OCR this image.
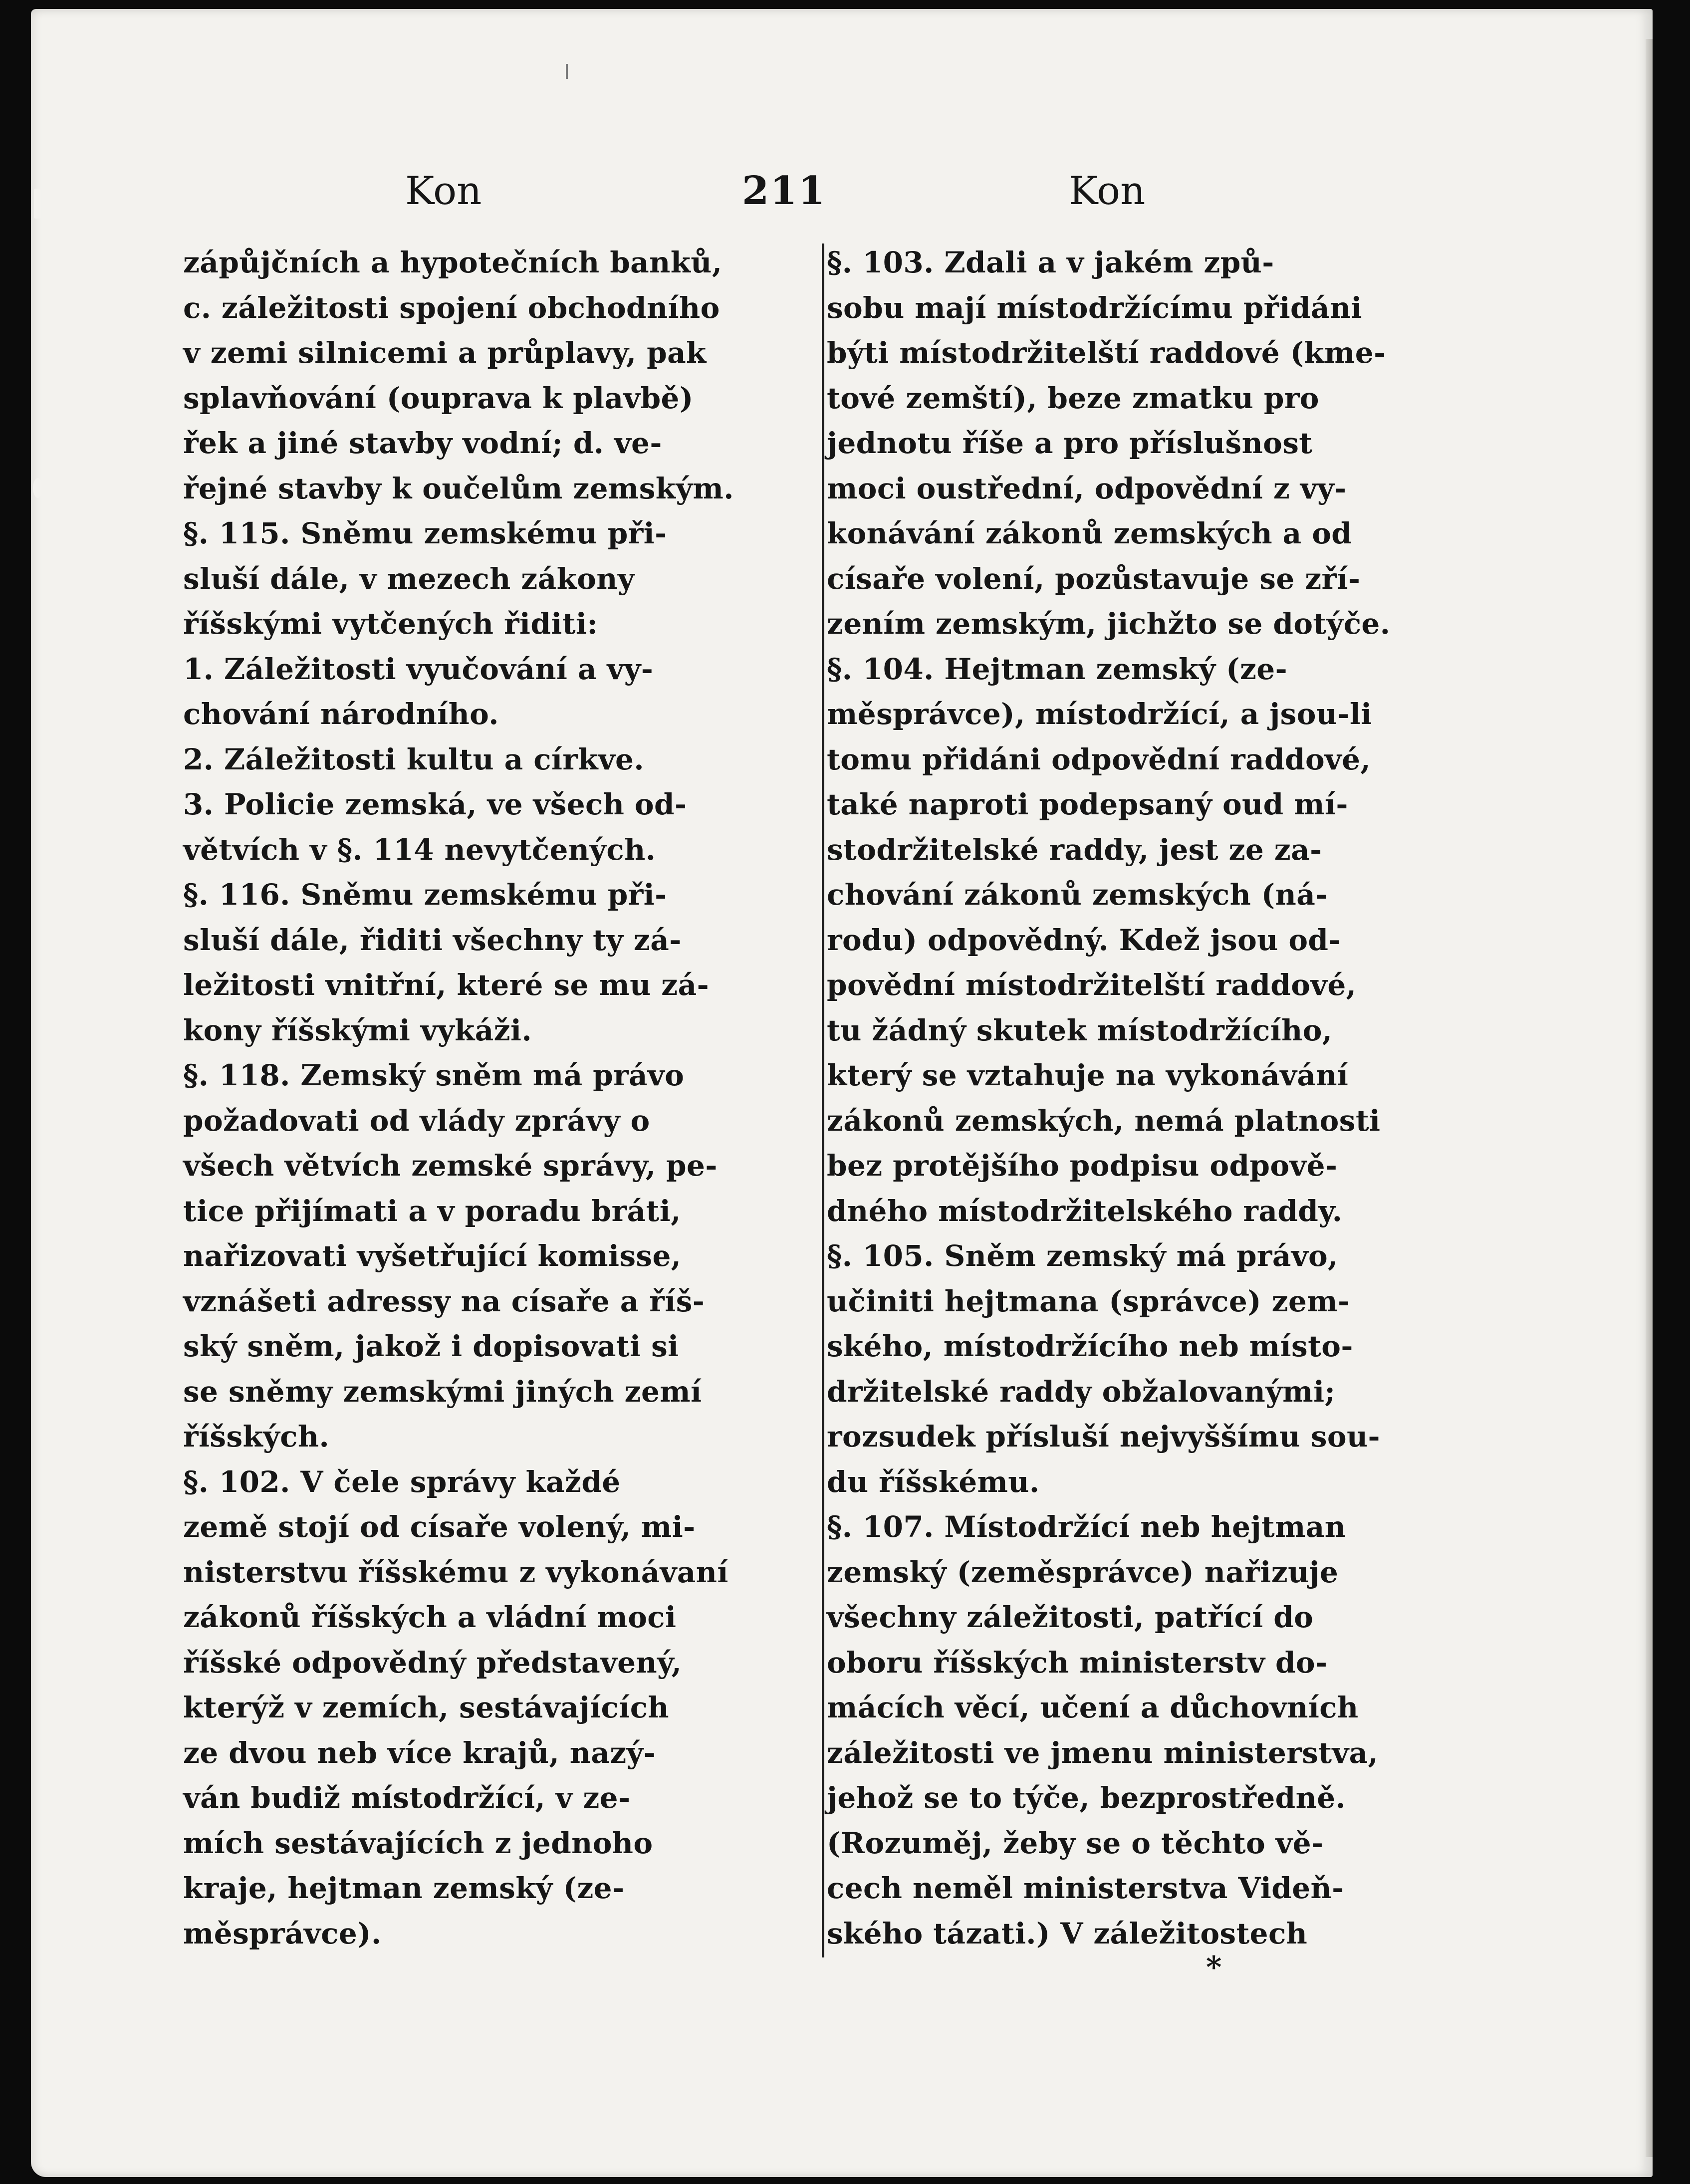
Kon	211	Kon
zápůjčních a hypotečních banků,
c. záležitosti spojení obchodního
v zemi silnicemi a průplavy, pak
splavňování (oupravа k plavbě)
řek a jiné stavby vodní; d. ve-
řejné stavby k oučelům zemským.
§. 115. Sněmu zemskému při-
sluší dále, v mezech zákony
říšskými vytčených řiditi:
1. Záležitosti vyučování a vy-
chování národního.
2. Záležitosti kultu a církve.
3. Policie zemská, ve všech od-
větvích v §. 114 nevytčených.
§. 116. Sněmu zemskému při-
sluší dále, řiditi všechny ty zá-
ležitosti vnitřní, které se mu zá-
kony říšskými vykáži.
§. 118. Zemský sněm má právo
požadovati od vlády zprávy o
všech větvích zemské správy, pe-
tice přijímati a v poradu bráti,
nařizovati vyšetřující komisse,
vznášeti adressy na císaře a říš-
ský sněm, jakož i dopisovati si
se sněmy zemskými jiných zemí
říšských.
§. 102. V čele správy každé
země stojí od císaře volený, mi-
nisterstvu říšskému z vykonávaní
zákonů říšských a vládní moci
říšské odpovědný představený,
kterýž v zemích, sestávajících
ze dvou neb více krajů, nazý-
ván budiž místodržící, v ze-
mích sestávajících z jednoho
kraje, hejtman zemský (ze-
měsprávce).
§. 103. Zdali a v jakém způ-
sobu mají místodržícímu přidáni
býti místodržitelští raddové (kme-
tové zemští), beze zmatku pro
jednotu říše a pro příslušnost
moci oustřední, odpovědní z vy-
konávání zákonů zemských a od
císaře volení, pozůstavuje se zří-
zením zemským, jichžto se dotýče.
§. 104. Hejtman zemský (ze-
měsprávce), místodržící, a jsou-li
tomu přidáni odpovědní raddové,
také naproti podepsaný oud mí-
stodržitelské raddy, jest ze za-
chování zákonů zemských (ná-
rodu) odpovědný. Kdež jsou od-
povědní místodržitelští raddové,
tu žádný skutek místodržícího,
který se vztahuje na vykonávání
zákonů zemských, nemá platnosti
bez protějšího podpisu odpově-
dného místodržitelského raddy.
§. 105. Sněm zemský má právo,
učiniti hejtmana (správce) zem-
ského, místodržícího neb místo-
držitelské raddy obžalovanými;
rozsudek přísluší nejvyššímu sou-
du říšskému.
§. 107. Místodržící neb hejtman
zemský (zeměsprávce) nařizuje
všechny záležitosti, patřící do
oboru říšských ministerstv do-
mácích věcí, učení a důchovních
záležitosti ve jmenu ministerstva,
jehož se to týče, bezprostředně.
(Rozuměj, žeby se o těchto vě-
cech neměl ministerstva Videň-
ského tázati.) V záležitostech
*
